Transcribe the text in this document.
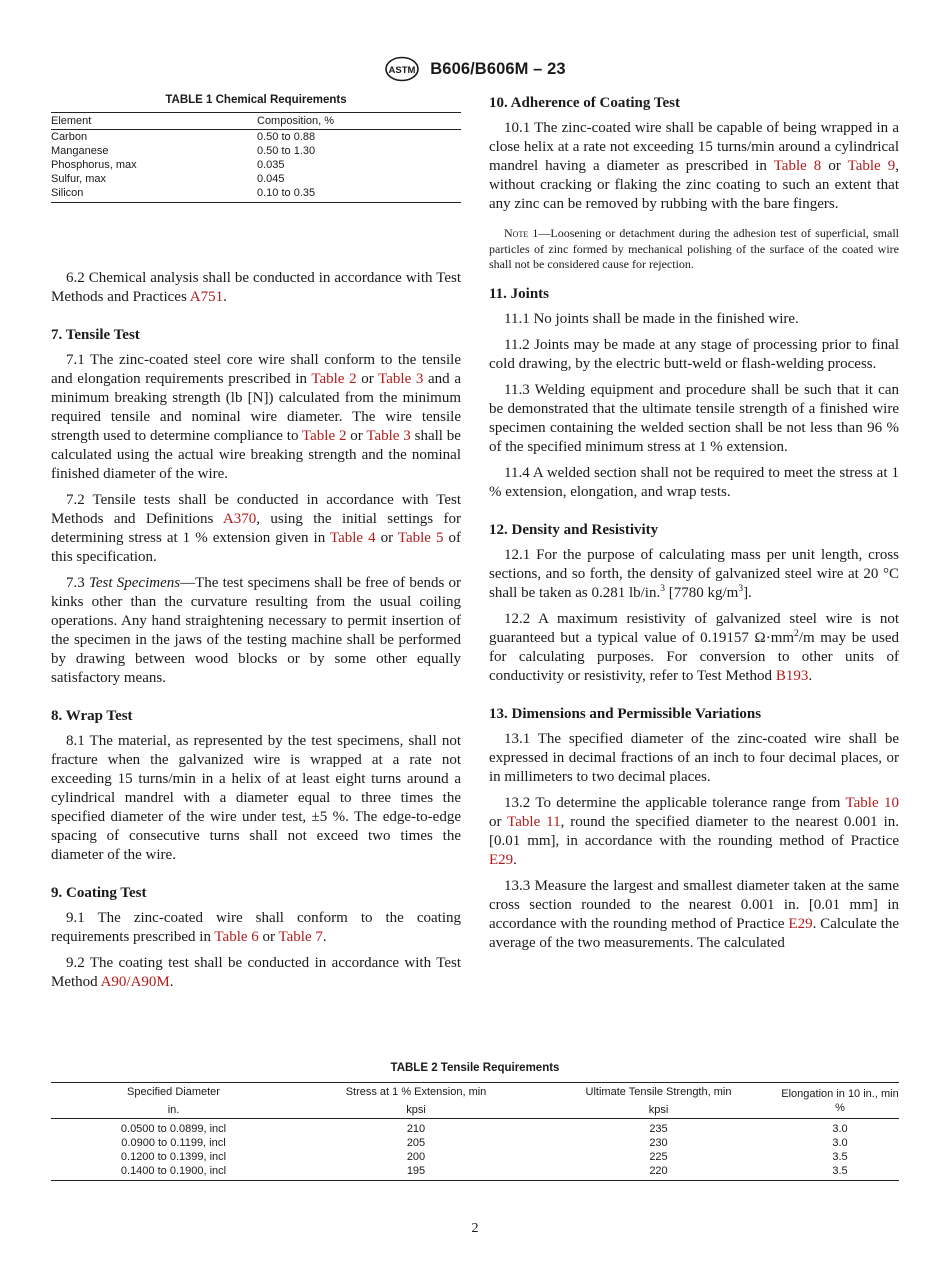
ASTM B606/B606M – 23
TABLE 1 Chemical Requirements
Element	Composition, %
Carbon	0.50 to 0.88
Manganese	0.50 to 1.30
Phosphorus, max	0.035
Sulfur, max	0.045
Silicon	0.10 to 0.35

6.2 Chemical analysis shall be conducted in accordance with Test Methods and Practices A751.

7. Tensile Test

7.1 The zinc-coated steel core wire shall conform to the tensile and elongation requirements prescribed in Table 2 or Table 3 and a minimum breaking strength (lb [N]) calculated from the minimum required tensile and nominal wire diameter. The wire tensile strength used to determine compliance to Table 2 or Table 3 shall be calculated using the actual wire breaking strength and the nominal finished diameter of the wire.

7.2 Tensile tests shall be conducted in accordance with Test Methods and Definitions A370, using the initial settings for determining stress at 1 % extension given in Table 4 or Table 5 of this specification.

7.3 Test Specimens—The test specimens shall be free of bends or kinks other than the curvature resulting from the usual coiling operations. Any hand straightening necessary to permit insertion of the specimen in the jaws of the testing machine shall be performed by drawing between wood blocks or by some other equally satisfactory means.

8. Wrap Test

8.1 The material, as represented by the test specimens, shall not fracture when the galvanized wire is wrapped at a rate not exceeding 15 turns/min in a helix of at least eight turns around a cylindrical mandrel with a diameter equal to three times the specified diameter of the wire under test, ±5 %. The edge-to-edge spacing of consecutive turns shall not exceed two times the diameter of the wire.

9. Coating Test

9.1 The zinc-coated wire shall conform to the coating requirements prescribed in Table 6 or Table 7.

9.2 The coating test shall be conducted in accordance with Test Method A90/A90M.

10. Adherence of Coating Test

10.1 The zinc-coated wire shall be capable of being wrapped in a close helix at a rate not exceeding 15 turns/min around a cylindrical mandrel having a diameter as prescribed in Table 8 or Table 9, without cracking or flaking the zinc coating to such an extent that any zinc can be removed by rubbing with the bare fingers.

Note 1—Loosening or detachment during the adhesion test of superficial, small particles of zinc formed by mechanical polishing of the surface of the coated wire shall not be considered cause for rejection.

11. Joints

11.1 No joints shall be made in the finished wire.

11.2 Joints may be made at any stage of processing prior to final cold drawing, by the electric butt-weld or flash-welding process.

11.3 Welding equipment and procedure shall be such that it can be demonstrated that the ultimate tensile strength of a finished wire specimen containing the welded section shall be not less than 96 % of the specified minimum stress at 1 % extension.

11.4 A welded section shall not be required to meet the stress at 1 % extension, elongation, and wrap tests.

12. Density and Resistivity

12.1 For the purpose of calculating mass per unit length, cross sections, and so forth, the density of galvanized steel wire at 20 °C shall be taken as 0.281 lb/in.$^3$ [7780 $kg/m^3$].

12.2 A maximum resistivity of galvanized steel wire is not guaranteed but a typical value of 0.19157 $\Omega\cdot mm^2/m$ may be used for calculating purposes. For conversion to other units of conductivity or resistivity, refer to Test Method B193.

13. Dimensions and Permissible Variations

13.1 The specified diameter of the zinc-coated wire shall be expressed in decimal fractions of an inch to four decimal places, or in millimeters to two decimal places.

13.2 To determine the applicable tolerance range from Table 10 or Table 11, round the specified diameter to the nearest 0.001 in. [0.01 mm], in accordance with the rounding method of Practice E29.

13.3 Measure the largest and smallest diameter taken at the same cross section rounded to the nearest 0.001 in. [0.01 mm] in accordance with the rounding method of Practice E29. Calculate the average of the two measurements. The calculated

TABLE 2 Tensile Requirements
Specified Diameter	Stress at 1 % Extension, min	Ultimate Tensile Strength, min	Elongation in 10 in., min %
in.	kpsi	kpsi	
0.0500 to 0.0899, incl	210	235	3.0
0.0900 to 0.1199, incl	205	230	3.0
0.1200 to 0.1399, incl	200	225	3.5
0.1400 to 0.1900, incl	195	220	3.5
2
